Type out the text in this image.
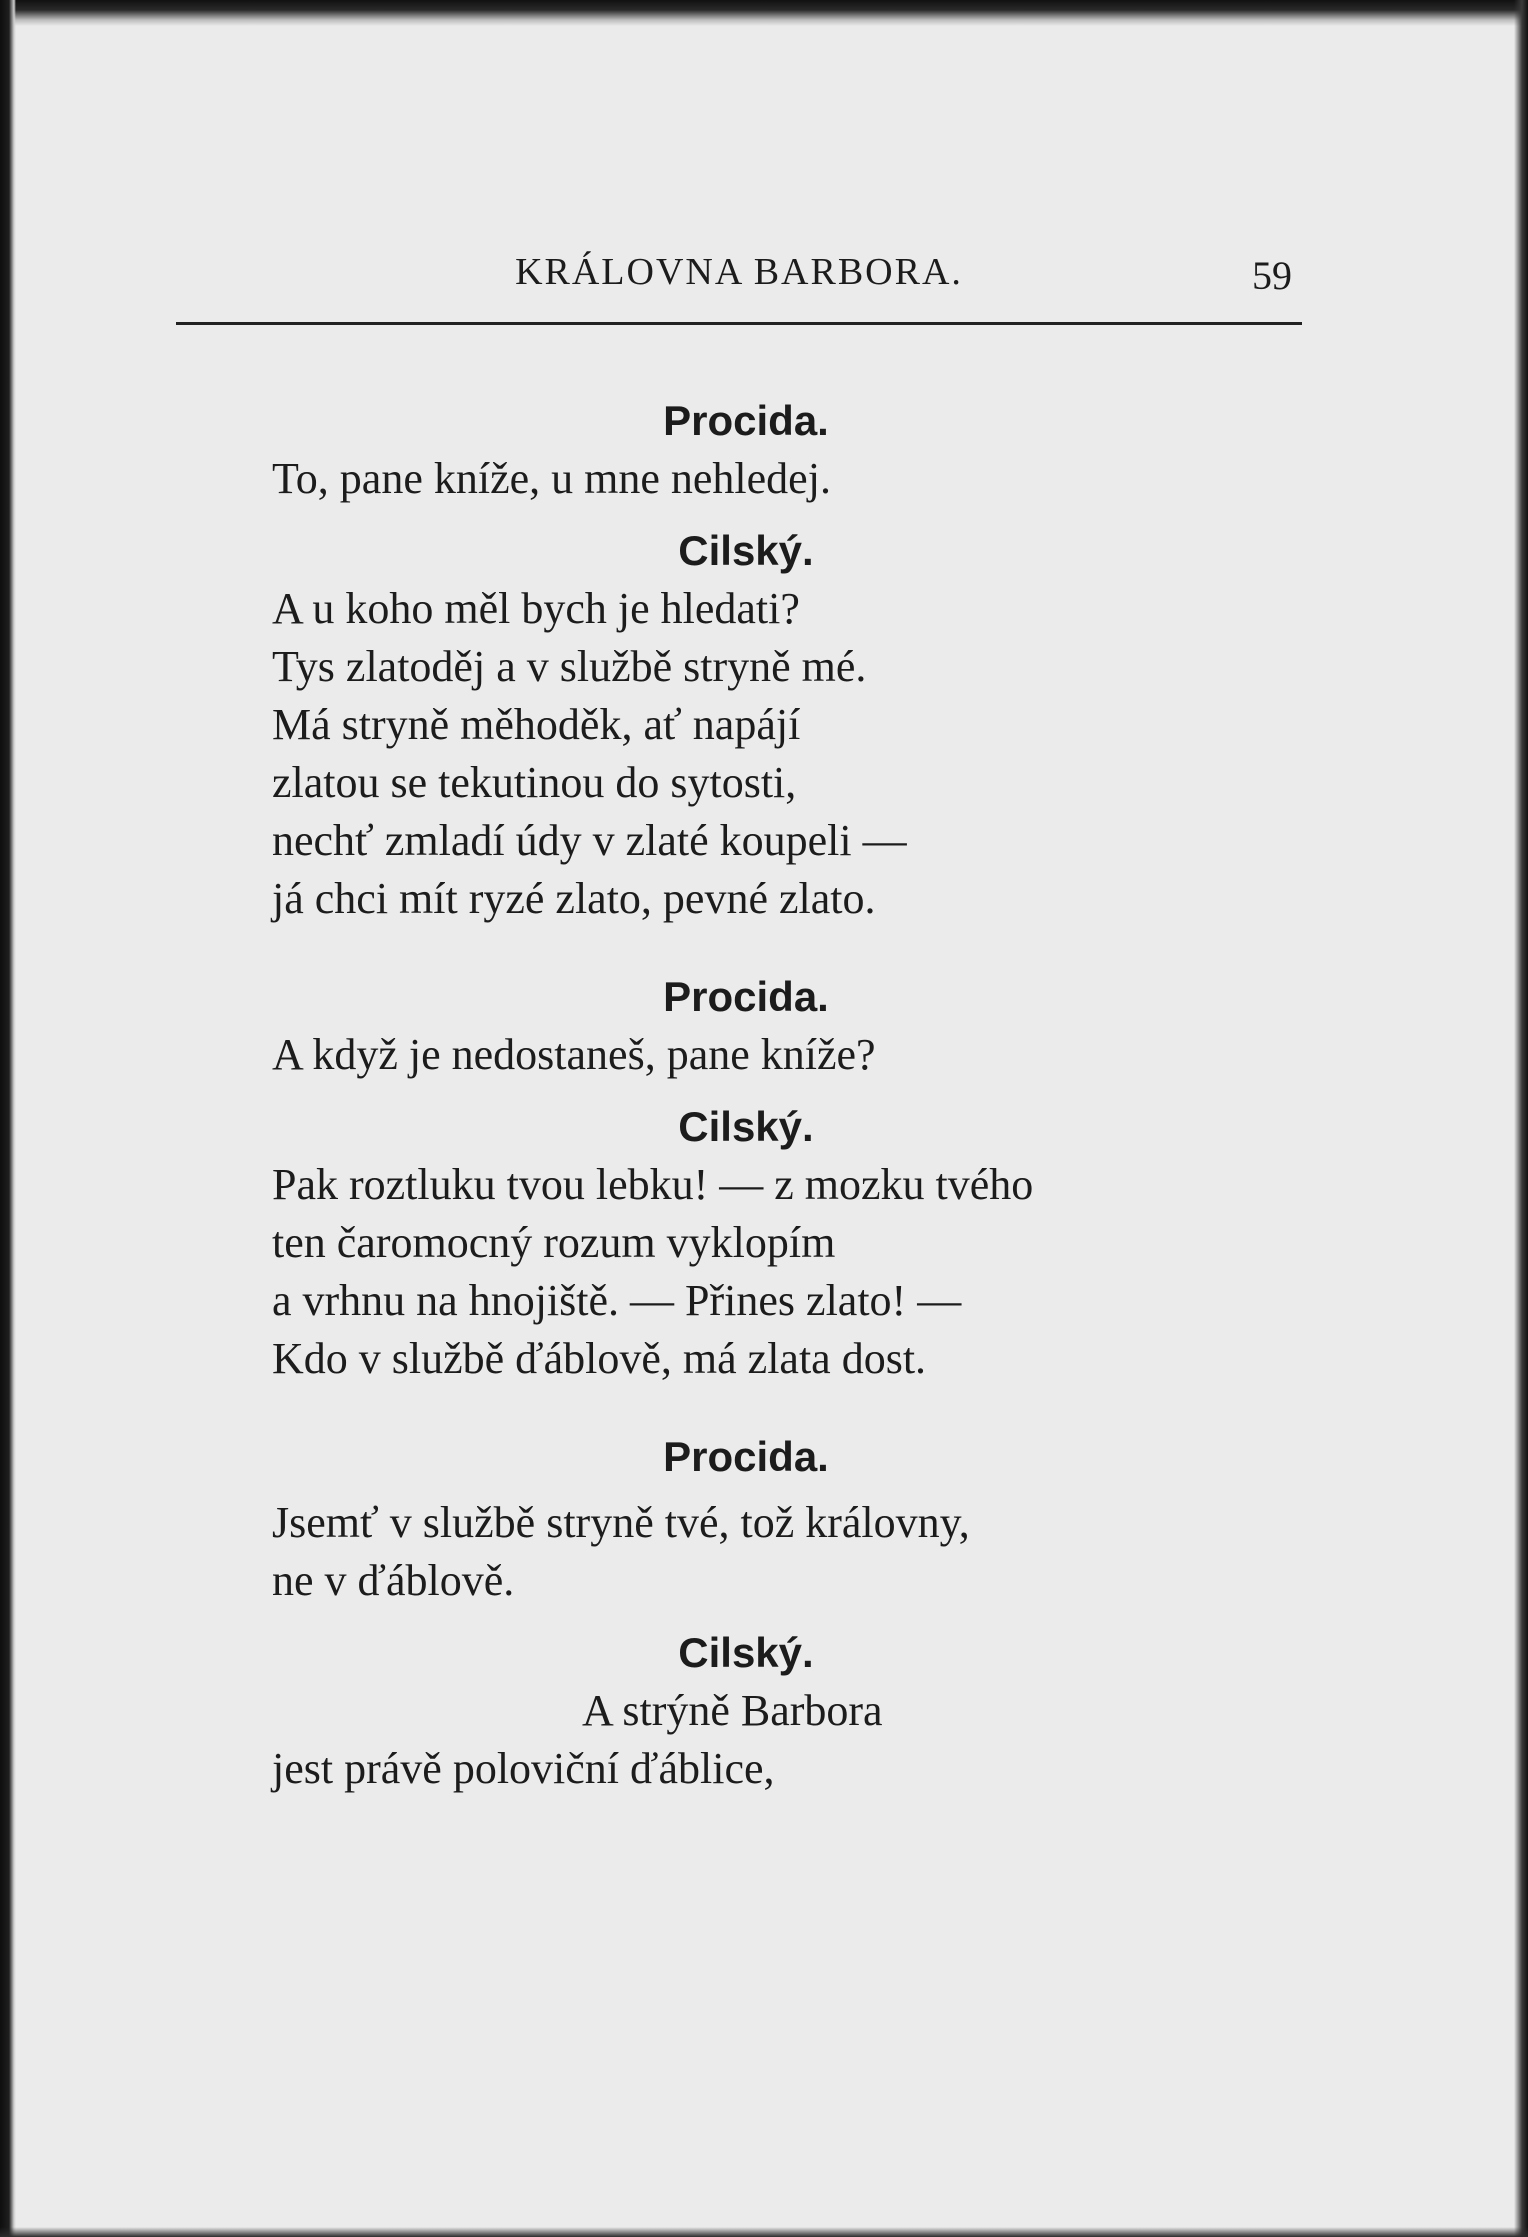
KRÁLOVNA BARBORA.	59
Procida.
To, pane kníže, u mne nehledej.
Cilský.
A u koho měl bych je hledati?
Tys zlatoděj a v službě stryně mé.
Má stryně měhoděk, ať napájí
zlatou se tekutinou do sytosti,
nechť zmladí údy v zlaté koupeli —
já chci mít ryzé zlato, pevné zlato.
Procida.
A když je nedostaneš, pane kníže?
Cilský.
Pak roztluku tvou lebku! — z mozku tvého
ten čaromocný rozum vyklopím
a vrhnu na hnojiště. — Přines zlato! —
Kdo v službě ďáblově, má zlata dost.
Procida.
Jsemť v službě stryně tvé, tož královny,
ne v ďáblově.
Cilský.
A strýně Barbora
jest právě poloviční ďáblice,
